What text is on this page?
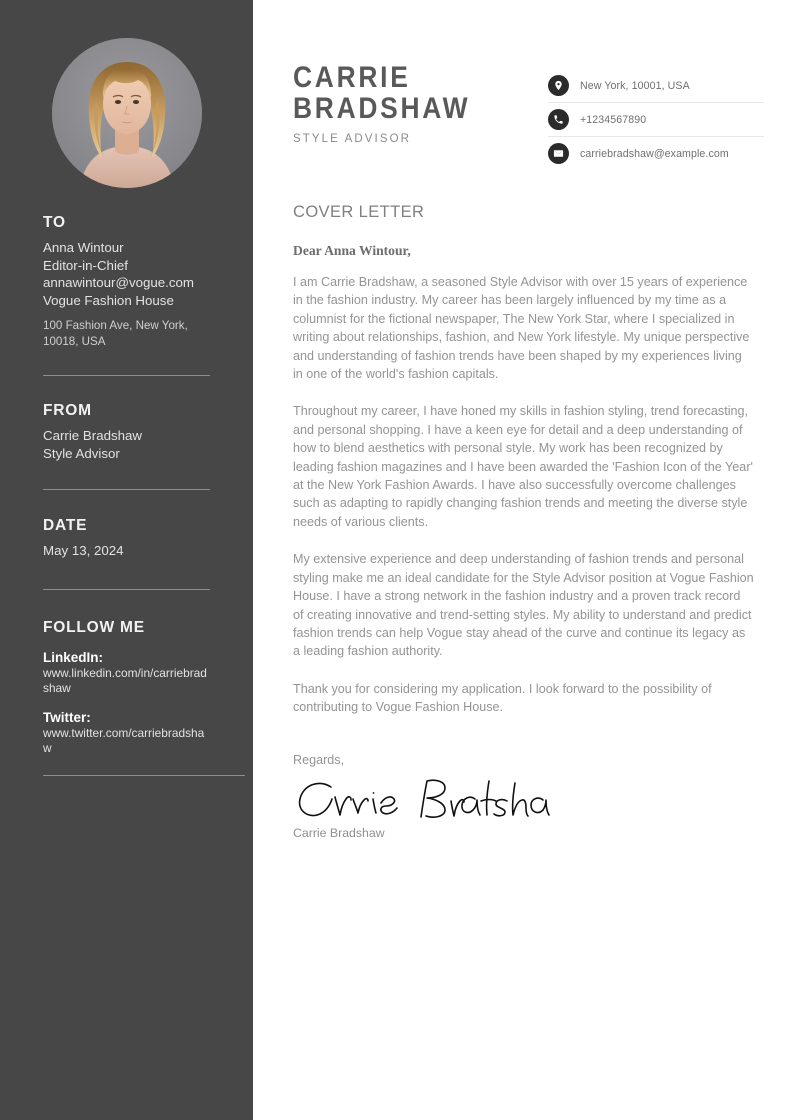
TO
Anna Wintour
Editor-in-Chief
annawintour@vogue.com
Vogue Fashion House
100 Fashion Ave, New York,
10018, USA
FROM
Carrie Bradshaw
Style Advisor
DATE
May 13, 2024
FOLLOW ME
LinkedIn:
www.linkedin.com/in/carriebradshaw
Twitter:
www.twitter.com/carriebradshaw
CARRIE
BRADSHAW
STYLE ADVISOR
New York, 10001, USA
+1234567890
carriebradshaw@example.com
COVER LETTER

Dear Anna Wintour,

I am Carrie Bradshaw, a seasoned Style Advisor with over 15 years of experience in the fashion industry. My career has been largely influenced by my time as a columnist for the fictional newspaper, The New York Star, where I specialized in writing about relationships, fashion, and New York lifestyle. My unique perspective and understanding of fashion trends have been shaped by my experiences living in one of the world's fashion capitals.

Throughout my career, I have honed my skills in fashion styling, trend forecasting, and personal shopping. I have a keen eye for detail and a deep understanding of how to blend aesthetics with personal style. My work has been recognized by leading fashion magazines and I have been awarded the 'Fashion Icon of the Year' at the New York Fashion Awards. I have also successfully overcome challenges such as adapting to rapidly changing fashion trends and meeting the diverse style needs of various clients.

My extensive experience and deep understanding of fashion trends and personal styling make me an ideal candidate for the Style Advisor position at Vogue Fashion House. I have a strong network in the fashion industry and a proven track record of creating innovative and trend-setting styles. My ability to understand and predict fashion trends can help Vogue stay ahead of the curve and continue its legacy as a leading fashion authority.

Thank you for considering my application. I look forward to the possibility of contributing to Vogue Fashion House.

Regards,

Carrie Bradshaw
